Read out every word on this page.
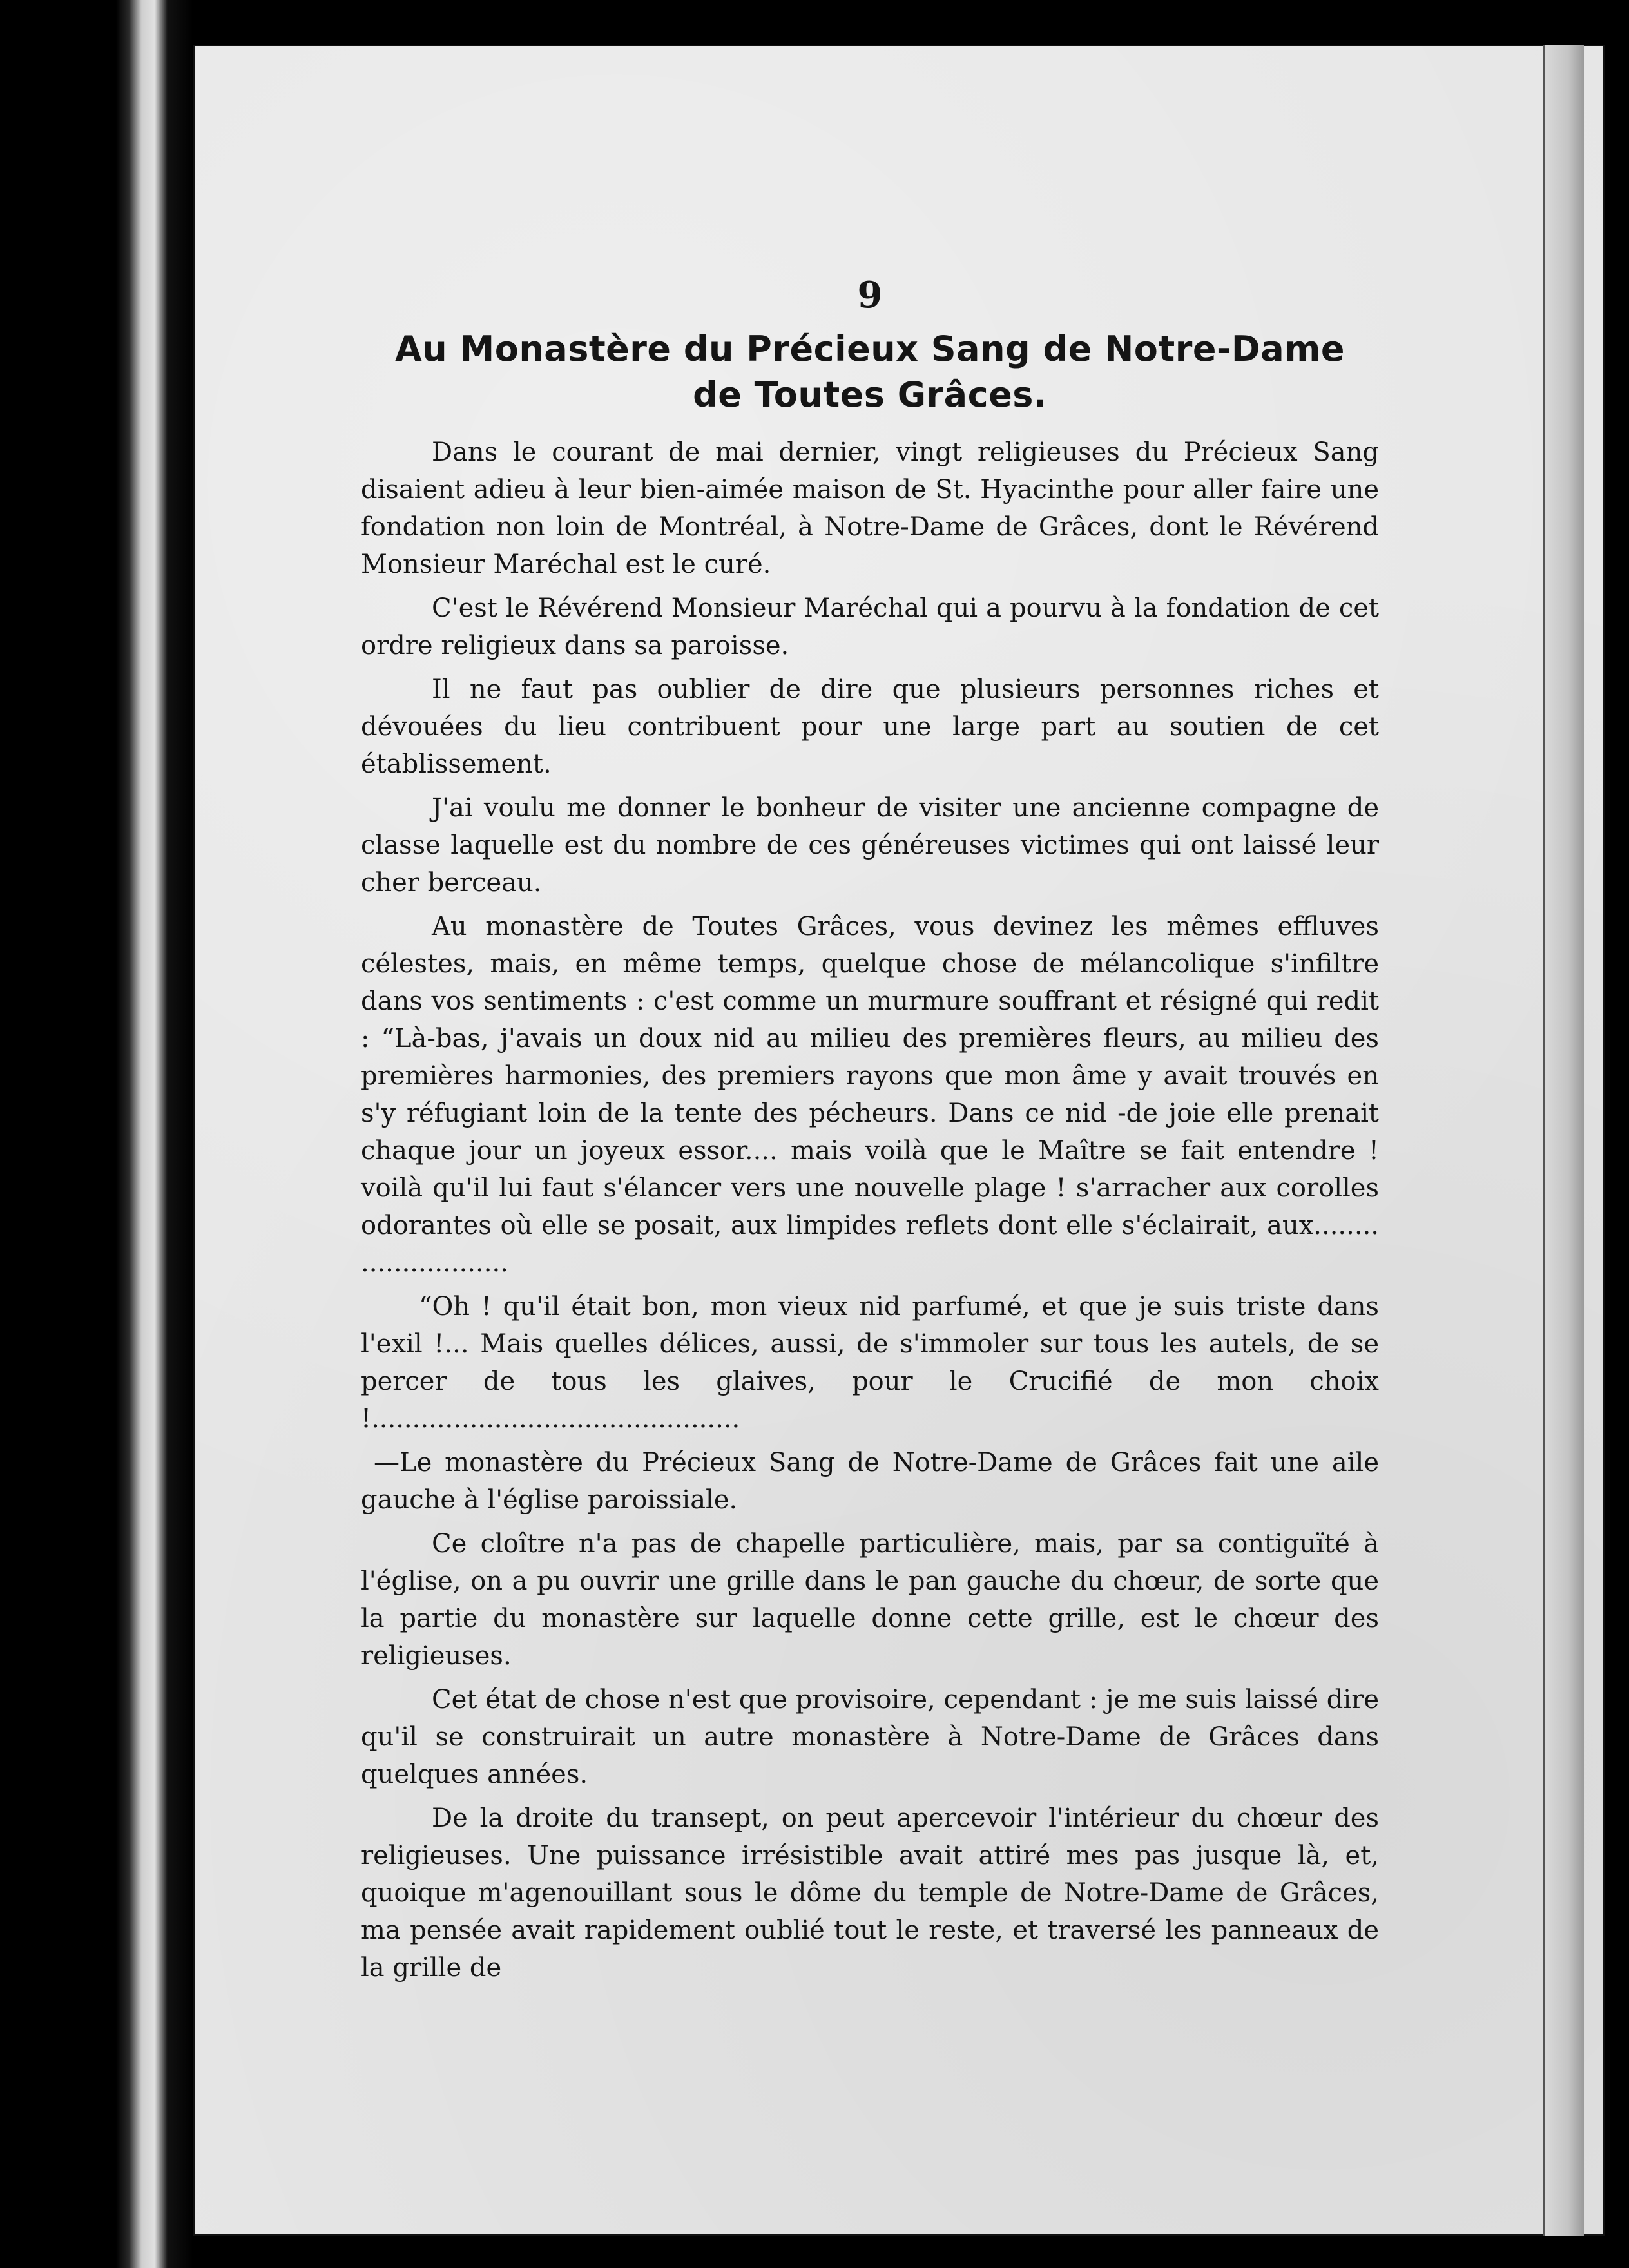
9
Au Monastère du Précieux Sang de Notre-Dame
de Toutes Grâces.

Dans le courant de mai dernier, vingt religieuses du Précieux Sang disaient adieu à leur bien-aimée maison de St. Hyacinthe pour aller faire une fondation non loin de Montréal, à Notre-Dame de Grâces, dont le Révérend Monsieur Maréchal est le curé.

C'est le Révérend Monsieur Maréchal qui a pourvu à la fondation de cet ordre religieux dans sa paroisse.

Il ne faut pas oublier de dire que plusieurs personnes riches et dévouées du lieu contribuent pour une large part au soutien de cet établissement.

J'ai voulu me donner le bonheur de visiter une ancienne compagne de classe laquelle est du nombre de ces généreuses victimes qui ont laissé leur cher berceau.

Au monastère de Toutes Grâces, vous devinez les mêmes effluves célestes, mais, en même temps, quelque chose de mélancolique s'infiltre dans vos sentiments : c'est comme un murmure souffrant et résigné qui redit : “Là-bas, j'avais un doux nid au milieu des premières fleurs, au milieu des premières harmonies, des premiers rayons que mon âme y avait trouvés en s'y réfugiant loin de la tente des pécheurs. Dans ce nid -de joie elle prenait chaque jour un joyeux essor.... mais voilà que le Maître se fait entendre ! voilà qu'il lui faut s'élancer vers une nouvelle plage ! s'arracher aux corolles odorantes où elle se posait, aux limpides reflets dont elle s'éclairait, aux........ ..................

“Oh ! qu'il était bon, mon vieux nid parfumé, et que je suis triste dans l'exil !... Mais quelles délices, aussi, de s'immoler sur tous les autels, de se percer de tous les glaives, pour le Crucifié de mon choix !.............................................

—Le monastère du Précieux Sang de Notre-Dame de Grâces fait une aile gauche à l'église paroissiale.

Ce cloître n'a pas de chapelle particulière, mais, par sa contiguïté à l'église, on a pu ouvrir une grille dans le pan gauche du chœur, de sorte que la partie du monastère sur laquelle donne cette grille, est le chœur des religieuses.

Cet état de chose n'est que provisoire, cependant : je me suis laissé dire qu'il se construirait un autre monastère à Notre-Dame de Grâces dans quelques années.

De la droite du transept, on peut apercevoir l'intérieur du chœur des religieuses. Une puissance irrésistible avait attiré mes pas jusque là, et, quoique m'agenouillant sous le dôme du temple de Notre-Dame de Grâces, ma pensée avait rapidement oublié tout le reste, et traversé les panneaux de la grille de
